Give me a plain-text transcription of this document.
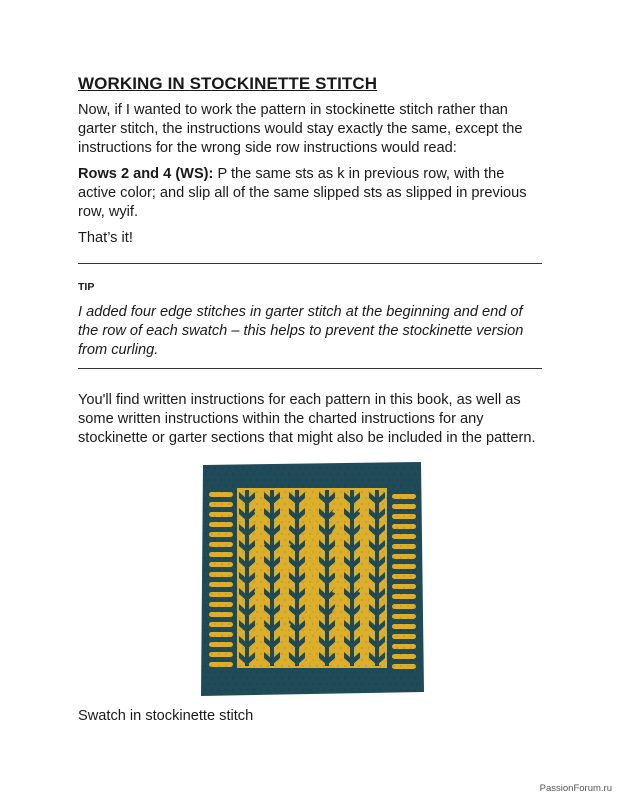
WORKING IN STOCKINETTE STITCH

Now, if I wanted to work the pattern in stockinette stitch rather than garter stitch, the instructions would stay exactly the same, except the instructions for the wrong side row instructions would read:

Rows 2 and 4 (WS): P the same sts as k in previous row, with the active color; and slip all of the same slipped sts as slipped in previous row, wyif.

That’s it!

TIP

I added four edge stitches in garter stitch at the beginning and end of the row of each swatch – this helps to prevent the stockinette version from curling.

You'll find written instructions for each pattern in this book, as well as some written instructions within the charted instructions for any stockinette or garter sections that might also be included in the pattern.

Swatch in stockinette stitch
PassionForum.ru
